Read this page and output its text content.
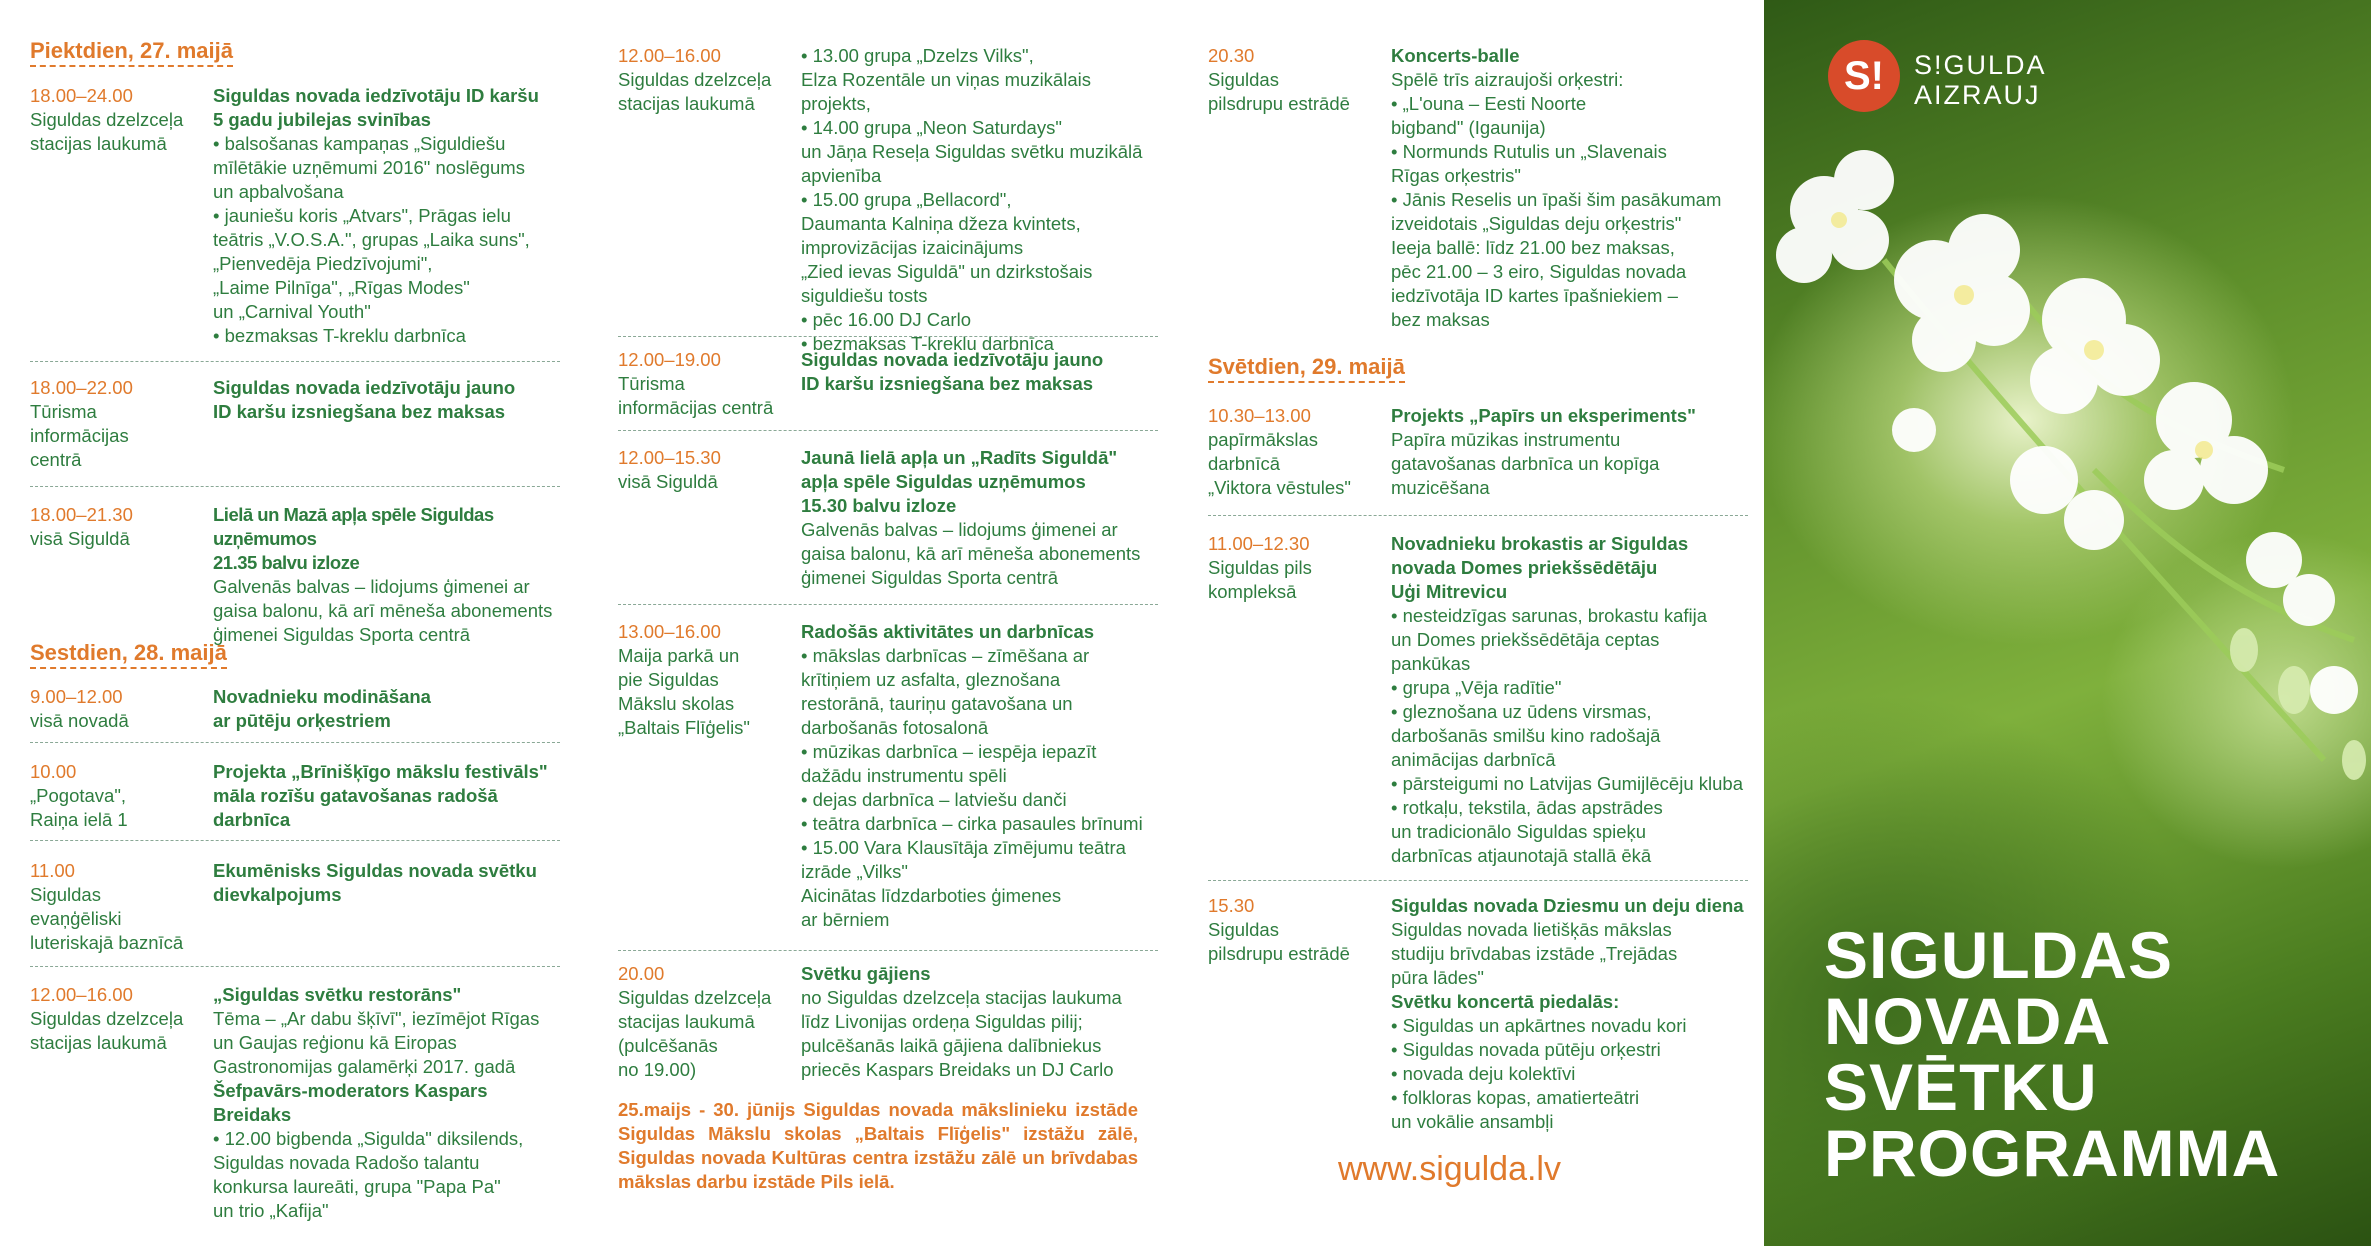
Piektdien, 27. maijā
18.00–24.00
Siguldas dzelzceļa
stacijas laukumā
Siguldas novada iedzīvotāju ID karšu
5 gadu jubilejas svinības
• balsošanas kampaņas „Siguldiešu
mīlētākie uzņēmumi 2016" noslēgums
un apbalvošana
• jauniešu koris „Atvars", Prāgas ielu
teātris „V.O.S.A.", grupas „Laika suns",
„Pienvedēja Piedzīvojumi",
„Laime Pilnīga", „Rīgas Modes"
un „Carnival Youth"
• bezmaksas T-kreklu darbnīca
18.00–22.00
Tūrisma
informācijas
centrā
Siguldas novada iedzīvotāju jauno
ID karšu izsniegšana bez maksas
18.00–21.30
visā Siguldā
Lielā un Mazā apļa spēle Siguldas uzņēmumos
21.35 balvu izloze
Galvenās balvas – lidojums ģimenei ar
gaisa balonu, kā arī mēneša abonements
ģimenei Siguldas Sporta centrā
Sestdien, 28. maijā
9.00–12.00
visā novadā
Novadnieku modināšana
ar pūtēju orķestriem
10.00
„Pogotava",
Raiņa ielā 1
Projekta „Brīnišķīgo mākslu festivāls"
māla rozīšu gatavošanas radošā darbnīca
11.00
Siguldas
evaņģēliski
luteriskajā baznīcā
Ekumēnisks Siguldas novada svētku
dievkalpojums
12.00–16.00
Siguldas dzelzceļa
stacijas laukumā
„Siguldas svētku restorāns"
Tēma – „Ar dabu šķīvī", iezīmējot Rīgas
un Gaujas reģionu kā Eiropas
Gastronomijas galamērķi 2017. gadā
Šefpavārs-moderators Kaspars Breidaks
• 12.00 bigbenda „Sigulda" diksilends,
Siguldas novada Radošo talantu
konkursa laureāti, grupa "Papa Pa"
un trio „Kafija"
12.00–16.00
Siguldas dzelzceļa
stacijas laukumā
• 13.00 grupa „Dzelzs Vilks",
Elza Rozentāle un viņas muzikālais projekts,
• 14.00 grupa „Neon Saturdays"
un Jāņa Reseļa Siguldas svētku muzikālā
apvienība
• 15.00 grupa „Bellacord",
Daumanta Kalniņa džeza kvintets,
improvizācijas izaicinājums
„Zied ievas Siguldā" un dzirkstošais
siguldiešu tosts
• pēc 16.00 DJ Carlo
• bezmaksas T-kreklu darbnīca
12.00–19.00
Tūrisma
informācijas centrā
Siguldas novada iedzīvotāju jauno
ID karšu izsniegšana bez maksas
12.00–15.30
visā Siguldā
Jaunā lielā apļa un „Radīts Siguldā"
apļa spēle Siguldas uzņēmumos
15.30 balvu izloze
Galvenās balvas – lidojums ģimenei ar
gaisa balonu, kā arī mēneša abonements
ģimenei Siguldas Sporta centrā
13.00–16.00
Maija parkā un
pie Siguldas
Mākslu skolas
„Baltais Flīģelis"
Radošās aktivitātes un darbnīcas
• mākslas darbnīcas – zīmēšana ar
krītiņiem uz asfalta, gleznošana
restorānā, tauriņu gatavošana un
darbošanās fotosalonā
• mūzikas darbnīca – iespēja iepazīt
dažādu instrumentu spēli
• dejas darbnīca – latviešu danči
• teātra darbnīca – cirka pasaules brīnumi
• 15.00 Vara Klausītāja zīmējumu teātra
izrāde „Vilks"
Aicinātas līdzdarboties ģimenes
ar bērniem
20.00
Siguldas dzelzceļa
stacijas laukumā
(pulcēšanās
no 19.00)
Svētku gājiens
no Siguldas dzelzceļa stacijas laukuma
līdz Livonijas ordeņa Siguldas pilij;
pulcēšanās laikā gājiena dalībniekus
priecēs Kaspars Breidaks un DJ Carlo
25.maijs - 30. jūnijs Siguldas novada mākslinieku izstāde Siguldas Mākslu skolas „Baltais Flīģelis" izstāžu zālē, Siguldas novada Kultūras centra izstāžu zālē un brīvdabas mākslas darbu izstāde Pils ielā.
20.30
Siguldas
pilsdrupu estrādē
Koncerts-balle
Spēlē trīs aizraujoši orķestri:
• „L'ouna – Eesti Noorte
bigband" (Igaunija)
• Normunds Rutulis un „Slavenais
Rīgas orķestris"
• Jānis Reselis un īpaši šim pasākumam
izveidotais „Siguldas deju orķestris"
Ieeja ballē: līdz 21.00 bez maksas,
pēc 21.00 – 3 eiro, Siguldas novada
iedzīvotāja ID kartes īpašniekiem –
bez maksas
Svētdien, 29. maijā
10.30–13.00
papīrmākslas
darbnīcā
„Viktora vēstules"
Projekts „Papīrs un eksperiments"
Papīra mūzikas instrumentu
gatavošanas darbnīca un kopīga
muzicēšana
11.00–12.30
Siguldas pils
kompleksā
Novadnieku brokastis ar Siguldas
novada Domes priekšsēdētāju
Uģi Mitrevicu
• nesteidzīgas sarunas, brokastu kafija
un Domes priekšsēdētāja ceptas
pankūkas
• grupa „Vēja radītie"
• gleznošana uz ūdens virsmas,
darbošanās smilšu kino radošajā
animācijas darbnīcā
• pārsteigumi no Latvijas Gumijlēcēju kluba
• rotkaļu, tekstila, ādas apstrādes
un tradicionālo Siguldas spieķu
darbnīcas atjaunotajā stallā ēkā
15.30
Siguldas
pilsdrupu estrādē
Siguldas novada Dziesmu un deju diena
Siguldas novada lietišķās mākslas
studiju brīvdabas izstāde „Trejādas
pūra lādes"
Svētku koncertā piedalās:
• Siguldas un apkārtnes novadu kori
• Siguldas novada pūtēju orķestri
• novada deju kolektīvi
• folkloras kopas, amatierteātri
un vokālie ansambļi
www.sigulda.lv
S!	S!GULDA
AIZRAUJ
SIGULDAS
NOVADA
SVĒTKU
PROGRAMMA
